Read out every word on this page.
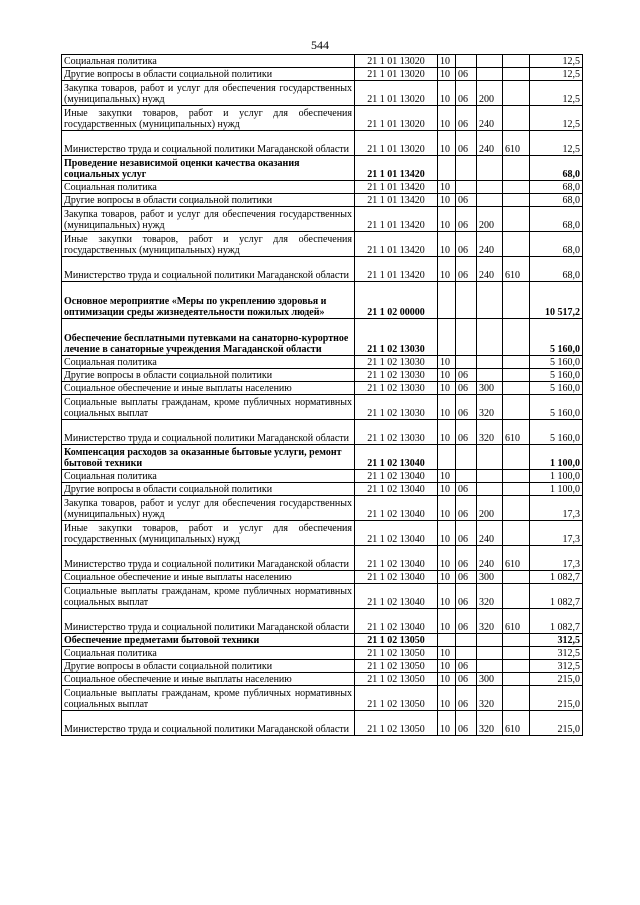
544
Социальная политика	21 1 01 13020	10				12,5
Другие вопросы в области социальной политики	21 1 01 13020	10	06			12,5
Закупка товаров, работ и услуг для обеспечения государственных (муниципальных) нужд	21 1 01 13020	10	06	200		12,5
Иные закупки товаров, работ и услуг для обеспечения государственных (муниципальных) нужд	21 1 01 13020	10	06	240		12,5
Министерство труда и социальной политики Магаданской области	21 1 01 13020	10	06	240	610	12,5
Проведение независимой оценки качества оказания социальных услуг	21 1 01 13420					68,0
Социальная политика	21 1 01 13420	10				68,0
Другие вопросы в области социальной политики	21 1 01 13420	10	06			68,0
Закупка товаров, работ и услуг для обеспечения государственных (муниципальных) нужд	21 1 01 13420	10	06	200		68,0
Иные закупки товаров, работ и услуг для обеспечения государственных (муниципальных) нужд	21 1 01 13420	10	06	240		68,0
Министерство труда и социальной политики Магаданской области	21 1 01 13420	10	06	240	610	68,0
Основное мероприятие «Меры по укреплению здоровья и оптимизации среды жизнедеятельности пожилых людей»	21 1 02 00000					10 517,2
Обеспечение бесплатными путевками на санаторно-курортное лечение в санаторные учреждения Магаданской области	21 1 02 13030					5 160,0
Социальная политика	21 1 02 13030	10				5 160,0
Другие вопросы в области социальной политики	21 1 02 13030	10	06			5 160,0
Социальное обеспечение и иные выплаты населению	21 1 02 13030	10	06	300		5 160,0
Социальные выплаты гражданам, кроме публичных нормативных социальных выплат	21 1 02 13030	10	06	320		5 160,0
Министерство труда и социальной политики Магаданской области	21 1 02 13030	10	06	320	610	5 160,0
Компенсация расходов за оказанные бытовые услуги, ремонт бытовой техники	21 1 02 13040					1 100,0
Социальная политика	21 1 02 13040	10				1 100,0
Другие вопросы в области социальной политики	21 1 02 13040	10	06			1 100,0
Закупка товаров, работ и услуг для обеспечения государственных (муниципальных) нужд	21 1 02 13040	10	06	200		17,3
Иные закупки товаров, работ и услуг для обеспечения государственных (муниципальных) нужд	21 1 02 13040	10	06	240		17,3
Министерство труда и социальной политики Магаданской области	21 1 02 13040	10	06	240	610	17,3
Социальное обеспечение и иные выплаты населению	21 1 02 13040	10	06	300		1 082,7
Социальные выплаты гражданам, кроме публичных нормативных социальных выплат	21 1 02 13040	10	06	320		1 082,7
Министерство труда и социальной политики Магаданской области	21 1 02 13040	10	06	320	610	1 082,7
Обеспечение предметами бытовой техники	21 1 02 13050					312,5
Социальная политика	21 1 02 13050	10				312,5
Другие вопросы в области социальной политики	21 1 02 13050	10	06			312,5
Социальное обеспечение и иные выплаты населению	21 1 02 13050	10	06	300		215,0
Социальные выплаты гражданам, кроме публичных нормативных социальных выплат	21 1 02 13050	10	06	320		215,0
Министерство труда и социальной политики Магаданской области	21 1 02 13050	10	06	320	610	215,0
